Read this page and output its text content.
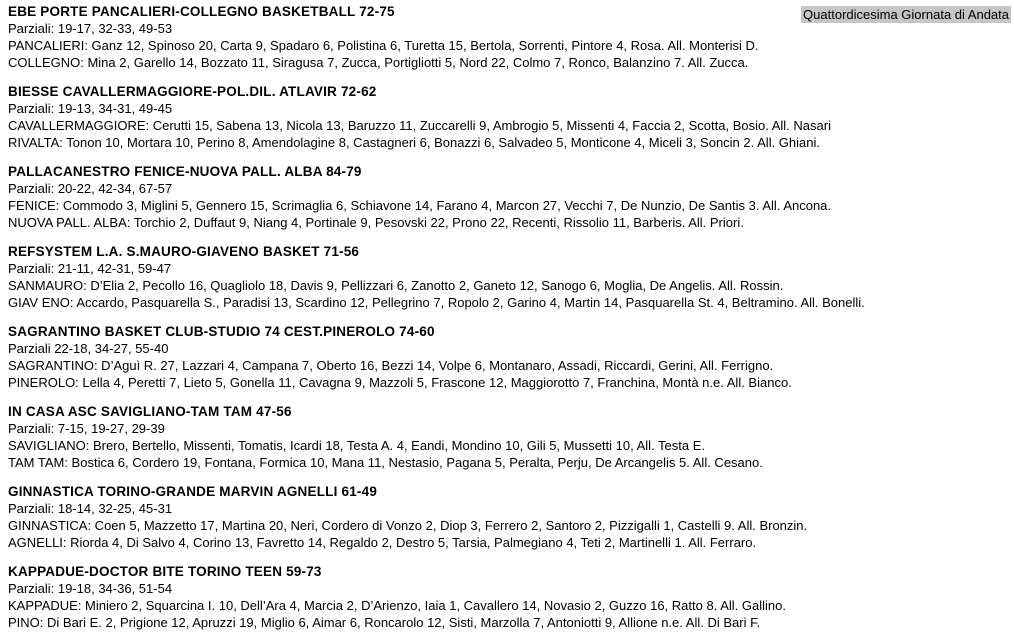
Quattordicesima Giornata di Andata
EBE PORTE PANCALIERI-COLLEGNO BASKETBALL 72-75
Parziali: 19-17, 32-33, 49-53
PANCALIERI: Ganz 12, Spinoso 20, Carta 9, Spadaro 6, Polistina 6, Turetta 15, Bertola, Sorrenti, Pintore 4, Rosa. All. Monterisi D.
COLLEGNO: Mina 2, Garello 14, Bozzato 11, Siragusa 7, Zucca, Portigliotti 5, Nord 22, Colmo 7, Ronco, Balanzino 7. All. Zucca.
BIESSE CAVALLERMAGGIORE-POL.DIL. ATLAVIR 72-62
Parziali: 19-13, 34-31, 49-45
CAVALLERMAGGIORE: Cerutti 15, Sabena 13, Nicola 13, Baruzzo 11, Zuccarelli 9, Ambrogio 5, Missenti 4, Faccia 2, Scotta, Bosio. All. Nasari
RIVALTA: Tonon 10, Mortara 10, Perino 8, Amendolagine 8, Castagneri 6, Bonazzi 6, Salvadeo 5, Monticone 4, Miceli 3, Soncin 2. All. Ghiani.
PALLACANESTRO FENICE-NUOVA PALL. ALBA 84-79
Parziali: 20-22, 42-34, 67-57
FENICE: Commodo 3, Miglini 5, Gennero 15, Scrimaglia 6, Schiavone 14, Farano 4, Marcon 27, Vecchi 7, De Nunzio, De Santis 3. All. Ancona.
NUOVA PALL. ALBA: Torchio 2, Duffaut 9, Niang 4, Portinale 9, Pesovski 22, Prono 22, Recenti, Rissolio 11, Barberis. All. Priori.
REFSYSTEM L.A. S.MAURO-GIAVENO BASKET 71-56
Parziali: 21-11, 42-31, 59-47
SANMAURO: D’Elia 2, Pecollo 16, Quagliolo 18, Davis 9, Pellizzari 6, Zanotto 2, Ganeto 12, Sanogo 6, Moglia, De Angelis. All. Rossin.
GIAV ENO: Accardo, Pasquarella S., Paradisi 13, Scardino 12, Pellegrino 7, Ropolo 2, Garino 4, Martin 14, Pasquarella St. 4, Beltramino. All. Bonelli.
SAGRANTINO BASKET CLUB-STUDIO 74 CEST.PINEROLO 74-60
Parziali 22-18, 34-27, 55-40
SAGRANTINO: D’Aguì R. 27, Lazzari 4, Campana 7, Oberto 16, Bezzi 14, Volpe 6, Montanaro, Assadi, Riccardi, Gerini, All. Ferrigno.
PINEROLO: Lella 4, Peretti 7, Lieto 5, Gonella 11, Cavagna 9, Mazzoli 5, Frascone 12, Maggiorotto 7, Franchina, Montà n.e. All. Bianco.
IN CASA ASC SAVIGLIANO-TAM TAM 47-56
Parziali: 7-15, 19-27, 29-39
SAVIGLIANO: Brero, Bertello, Missenti, Tomatis, Icardi 18, Testa A. 4, Eandi, Mondino 10, Gili 5, Mussetti 10, All. Testa E.
TAM TAM: Bostica 6, Cordero 19, Fontana, Formica 10, Mana 11, Nestasio, Pagana 5, Peralta, Perju, De Arcangelis 5. All. Cesano.
GINNASTICA TORINO-GRANDE MARVIN AGNELLI 61-49
Parziali: 18-14, 32-25, 45-31
GINNASTICA: Coen 5, Mazzetto 17, Martina 20, Neri, Cordero di Vonzo 2, Diop 3, Ferrero 2, Santoro 2, Pizzigalli 1, Castelli 9. All. Bronzin.
AGNELLI: Riorda 4, Di Salvo 4, Corino 13, Favretto 14, Regaldo 2, Destro 5, Tarsia, Palmegiano 4, Teti 2, Martinelli 1. All. Ferraro.
KAPPADUE-DOCTOR BITE TORINO TEEN 59-73
Parziali: 19-18, 34-36, 51-54
KAPPADUE: Miniero 2, Squarcina I. 10, Dell’Ara 4, Marcia 2, D’Arienzo, Iaia 1, Cavallero 14, Novasio 2, Guzzo 16, Ratto 8. All. Gallino.
PINO: Di Bari E. 2, Prigione 12, Apruzzi 19, Miglio 6, Aimar 6, Roncarolo 12, Sisti, Marzolla 7, Antoniotti 9, Allione n.e. All. Di Bari F.
